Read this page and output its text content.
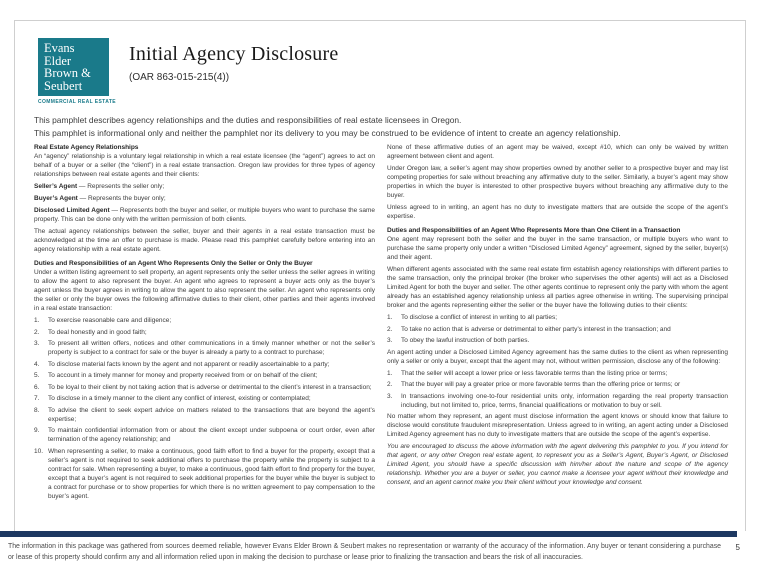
Evans
Elder
Brown &
Seubert
COMMERCIAL REAL ESTATE
Initial Agency Disclosure
(OAR 863-015-215(4))
This pamphlet describes agency relationships and the duties and responsibilities of real estate licensees in Oregon.
This pamphlet is informational only and neither the pamphlet nor its delivery to you may be construed to be evidence of intent to create an agency relationship.
Real Estate Agency Relationships
An “agency” relationship is a voluntary legal relationship in which a real estate licensee (the “agent”) agrees to act on behalf of a buyer or a seller (the “client”) in a real estate transaction. Oregon law provides for three types of agency relationships between real estate agents and their clients:
Seller’s Agent — Represents the seller only;
Buyer’s Agent — Represents the buyer only;
Disclosed Limited Agent — Represents both the buyer and seller, or multiple buyers who want to purchase the same property. This can be done only with the written permission of both clients.
The actual agency relationships between the seller, buyer and their agents in a real estate transaction must be acknowledged at the time an offer to purchase is made. Please read this pamphlet carefully before entering into an agency relationship with a real estate agent.
Duties and Responsibilities of an Agent Who Represents Only the Seller or Only the Buyer
Under a written listing agreement to sell property, an agent represents only the seller unless the seller agrees in writing to allow the agent to also represent the buyer. An agent who agrees to represent a buyer acts only as the buyer’s agent unless the buyer agrees in writing to allow the agent to also represent the seller. An agent who represents only the seller or only the buyer owes the following affirmative duties to their client, other parties and their agents involved in a real estate transaction:
To exercise reasonable care and diligence;
To deal honestly and in good faith;
To present all written offers, notices and other communications in a timely manner whether or not the seller’s property is subject to a contract for sale or the buyer is already a party to a contract to purchase;
To disclose material facts known by the agent and not apparent or readily ascertainable to a party;
To account in a timely manner for money and property received from or on behalf of the client;
To be loyal to their client by not taking action that is adverse or detrimental to the client’s interest in a transaction;
To disclose in a timely manner to the client any conflict of interest, existing or contemplated;
To advise the client to seek expert advice on matters related to the transactions that are beyond the agent’s expertise;
To maintain confidential information from or about the client except under subpoena or court order, even after termination of the agency relationship; and
When representing a seller, to make a continuous, good faith effort to find a buyer for the property, except that a seller’s agent is not required to seek additional offers to purchase the property while the property is subject to a contract for sale. When representing a buyer, to make a continuous, good faith effort to find property for the buyer, except that a buyer’s agent is not required to seek additional properties for the buyer while the buyer is subject to a contract for purchase or to show properties for which there is no written agreement to pay compensation to the buyer’s agent.
None of these affirmative duties of an agent may be waived, except #10, which can only be waived by written agreement between client and agent.
Under Oregon law, a seller’s agent may show properties owned by another seller to a prospective buyer and may list competing properties for sale without breaching any affirmative duty to the seller. Similarly, a buyer’s agent may show properties in which the buyer is interested to other prospective buyers without breaching any affirmative duty to the buyer.
Unless agreed to in writing, an agent has no duty to investigate matters that are outside the scope of the agent’s expertise.
Duties and Responsibilities of an Agent Who Represents More than One Client in a Transaction
One agent may represent both the seller and the buyer in the same transaction, or multiple buyers who want to purchase the same property only under a written “Disclosed Limited Agency” agreement, signed by the seller, buyer(s) and their agent.
When different agents associated with the same real estate firm establish agency relationships with different parties to the same transaction, only the principal broker (the broker who supervises the other agents) will act as a Disclosed Limited Agent for both the buyer and seller. The other agents continue to represent only the party with whom the agent already has an established agency relationship unless all parties agree otherwise in writing. The supervising principal broker and the agents representing either the seller or the buyer have the following duties to their clients:
To disclose a conflict of interest in writing to all parties;
To take no action that is adverse or detrimental to either party’s interest in the transaction; and
To obey the lawful instruction of both parties.
An agent acting under a Disclosed Limited Agency agreement has the same duties to the client as when representing only a seller or only a buyer, except that the agent may not, without written permission, disclose any of the following:
That the seller will accept a lower price or less favorable terms than the listing price or terms;
That the buyer will pay a greater price or more favorable terms than the offering price or terms; or
In transactions involving one-to-four residential units only, information regarding the real property transaction including, but not limited to, price, terms, financial qualifications or motivation to buy or sell.
No matter whom they represent, an agent must disclose information the agent knows or should know that failure to disclose would constitute fraudulent misrepresentation. Unless agreed to in writing, an agent acting under a Disclosed Limited Agency agreement has no duty to investigate matters that are outside the scope of the agent’s expertise.
You are encouraged to discuss the above information with the agent delivering this pamphlet to you. If you intend for that agent, or any other Oregon real estate agent, to represent you as a Seller’s Agent, Buyer’s Agent, or Disclosed Limited Agent, you should have a specific discussion with him/her about the nature and scope of the agency relationship. Whether you are a buyer or seller, you cannot make a licensee your agent without their knowledge and consent, and an agent cannot make you their client without your knowledge and consent.
The information in this package was gathered from sources deemed reliable, however Evans Elder Brown & Seubert makes no representation or warranty of the accuracy of the information. Any buyer or tenant considering a purchase or lease of this property should confirm any and all information relied upon in making the decision to purchase or lease prior to finalizing the transaction and bears the risk of all inaccuracies.
5
